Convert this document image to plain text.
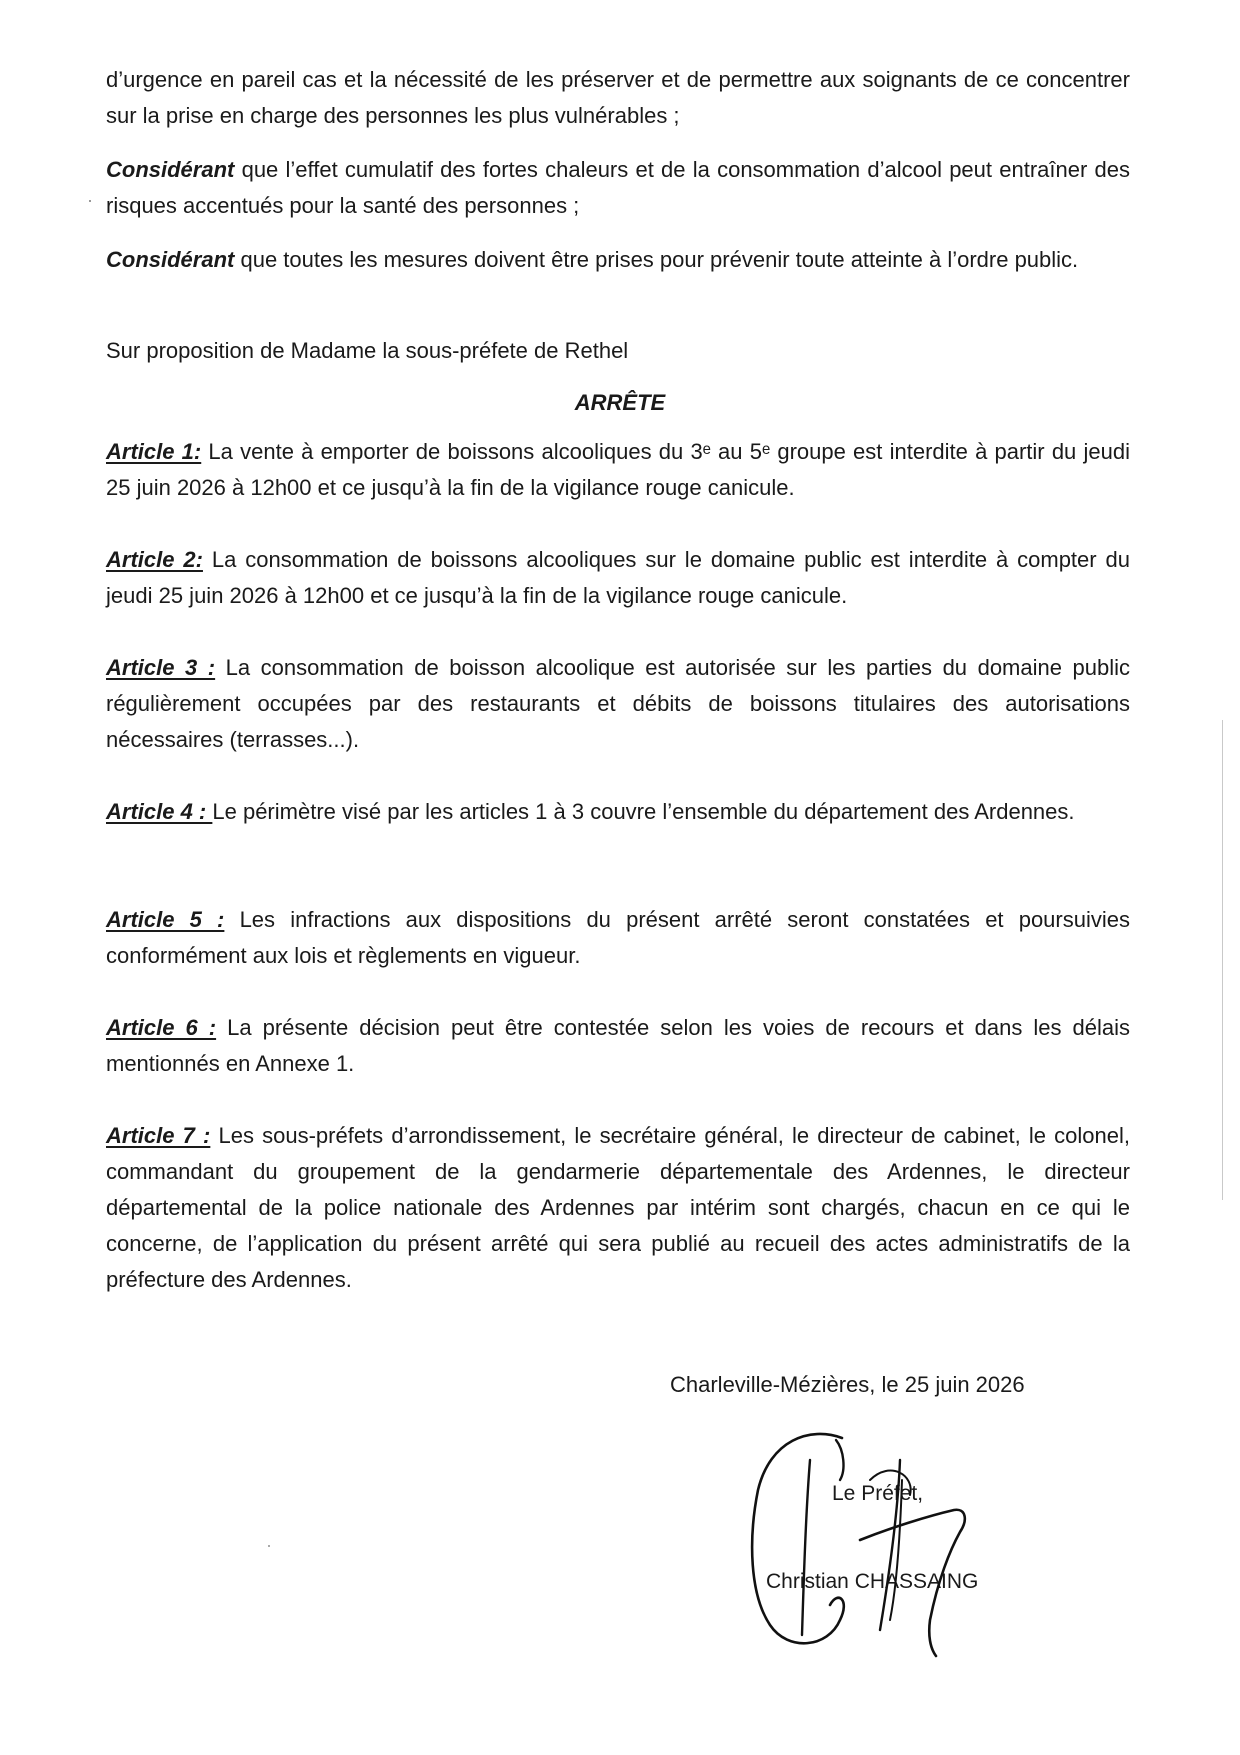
d’urgence en pareil cas et la nécessité de les préserver et de permettre aux soignants de ce concentrer sur la prise en charge des personnes les plus vulnérables ;

Considérant que l’effet cumulatif des fortes chaleurs et de la consommation d’alcool peut entraîner des risques accentués pour la santé des personnes ;

Considérant que toutes les mesures doivent être prises pour prévenir toute atteinte à l’ordre public.

Sur proposition de Madame la sous-préfete de Rethel

ARRÊTE

Article 1: La vente à emporter de boissons alcooliques du 3ᵉ au 5ᵉ groupe est interdite à partir du jeudi 25 juin 2026 à 12h00 et ce jusqu’à la fin de la vigilance rouge canicule.

Article 2: La consommation de boissons alcooliques sur le domaine public est interdite à compter du jeudi 25 juin 2026 à 12h00 et ce jusqu’à la fin de la vigilance rouge canicule.

Article 3 : La consommation de boisson alcoolique est autorisée sur les parties du domaine public régulièrement occupées par des restaurants et débits de boissons titulaires des autorisations nécessaires (terrasses...).

Article 4 : Le périmètre visé par les articles 1 à 3 couvre l’ensemble du département des Ardennes.

Article 5 : Les infractions aux dispositions du présent arrêté seront constatées et poursuivies conformément aux lois et règlements en vigueur.

Article 6 : La présente décision peut être contestée selon les voies de recours et dans les délais mentionnés en Annexe 1.

Article 7 : Les sous-préfets d’arrondissement, le secrétaire général, le directeur de cabinet, le colonel, commandant du groupement de la gendarmerie départementale des Ardennes, le directeur départemental de la police nationale des Ardennes par intérim sont chargés, chacun en ce qui le concerne, de l’application du présent arrêté qui sera publié au recueil des actes administratifs de la préfecture des Ardennes.

Charleville-Mézières, le 25 juin 2026
Le Préfet,
Christian CHASSAING
